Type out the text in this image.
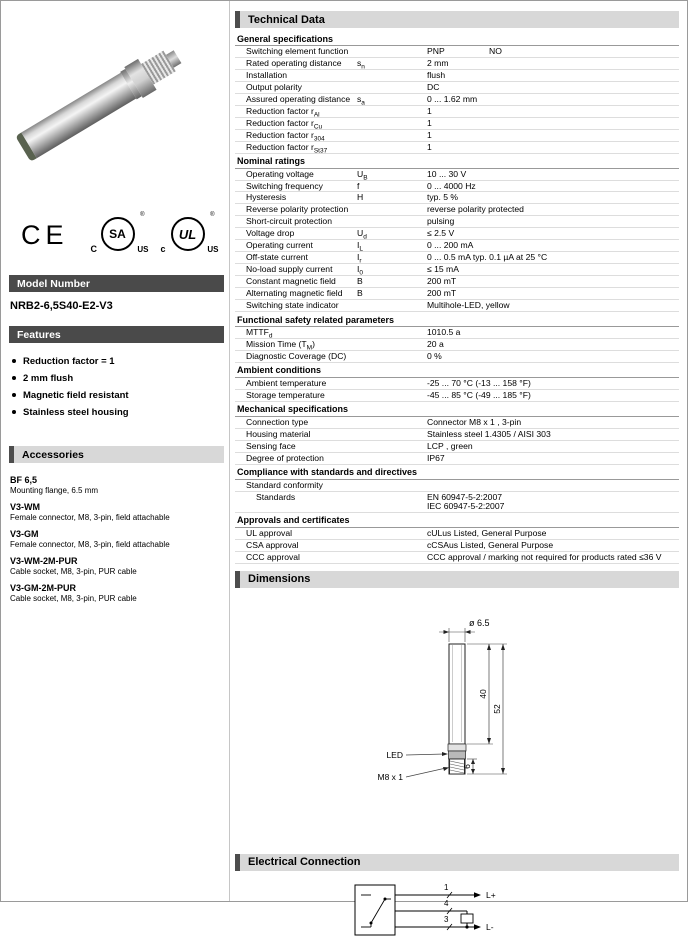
CE	SA
®
C	US
UL
®
c	US
Model Number
NRB2-6,5S40-E2-V3
Features
Reduction factor = 1
2 mm flush
Magnetic field resistant
Stainless steel housing
Accessories
BF 6,5
Mounting flange, 6.5 mm
V3-WM
Female connector, M8, 3-pin, field attachable
V3-GM
Female connector, M8, 3-pin, field attachable
V3-WM-2M-PUR
Cable socket, M8, 3-pin, PUR cable
V3-GM-2M-PUR
Cable socket, M8, 3-pin, PUR cable
Technical Data
General specifications
Switching element function	PNP	NO
Rated operating distance	$s_n$	2 mm
Installation	flush
Output polarity	DC
Assured operating distance $s_a$	0 ... 1.62 mm
Reduction factor $r_{Al}$	1
Reduction factor $r_{Cu}$	1
Reduction factor $r_{304}$	1
Reduction factor $r_{St37}$	1
Nominal ratings
Operating voltage	$U_B$	10 ... 30 V
Switching frequency	f	0 ... 4000 Hz
Hysteresis	H	typ. 5 %
Reverse polarity protection	reverse polarity protected
Short-circuit protection	pulsing
Voltage drop	$U_d$	≤ 2.5 V
Operating current	$I_L$	0 ... 200 mA
Off-state current	$I_r$	0 ... 0.5 mA typ. 0.1 µA at 25 °C
No-load supply current	$I_0$	≤ 15 mA
Constant magnetic field	B	200 mT
Alternating magnetic field	B	200 mT
Switching state indicator	Multihole-LED, yellow
Functional safety related parameters
$MTTF_d$	1010.5 a
Mission Time $(T_M)$	20 a
Diagnostic Coverage (DC)	0 %
Ambient conditions
Ambient temperature	-25 ... 70 °C (-13 ... 158 °F)
Storage temperature	-45 ... 85 °C (-49 ... 185 °F)
Mechanical specifications
Connection type	Connector M8 x 1 , 3-pin
Housing material	Stainless steel 1.4305 / AISI 303
Sensing face	LCP , green
Degree of protection	IP67
Compliance with standards and directives
Standard conformity
Standards	EN 60947-5-2:2007
IEC 60947-5-2:2007
Approvals and certificates
UL approval	cULus Listed, General Purpose
CSA approval	cCSAus Listed, General Purpose
CCC approval	CCC approval / marking not required for products rated ≤36 V
Dimensions
ø 6.5
6
40
52
LED
M8 x 1
Electrical Connection
1
4
3
L+
L-
